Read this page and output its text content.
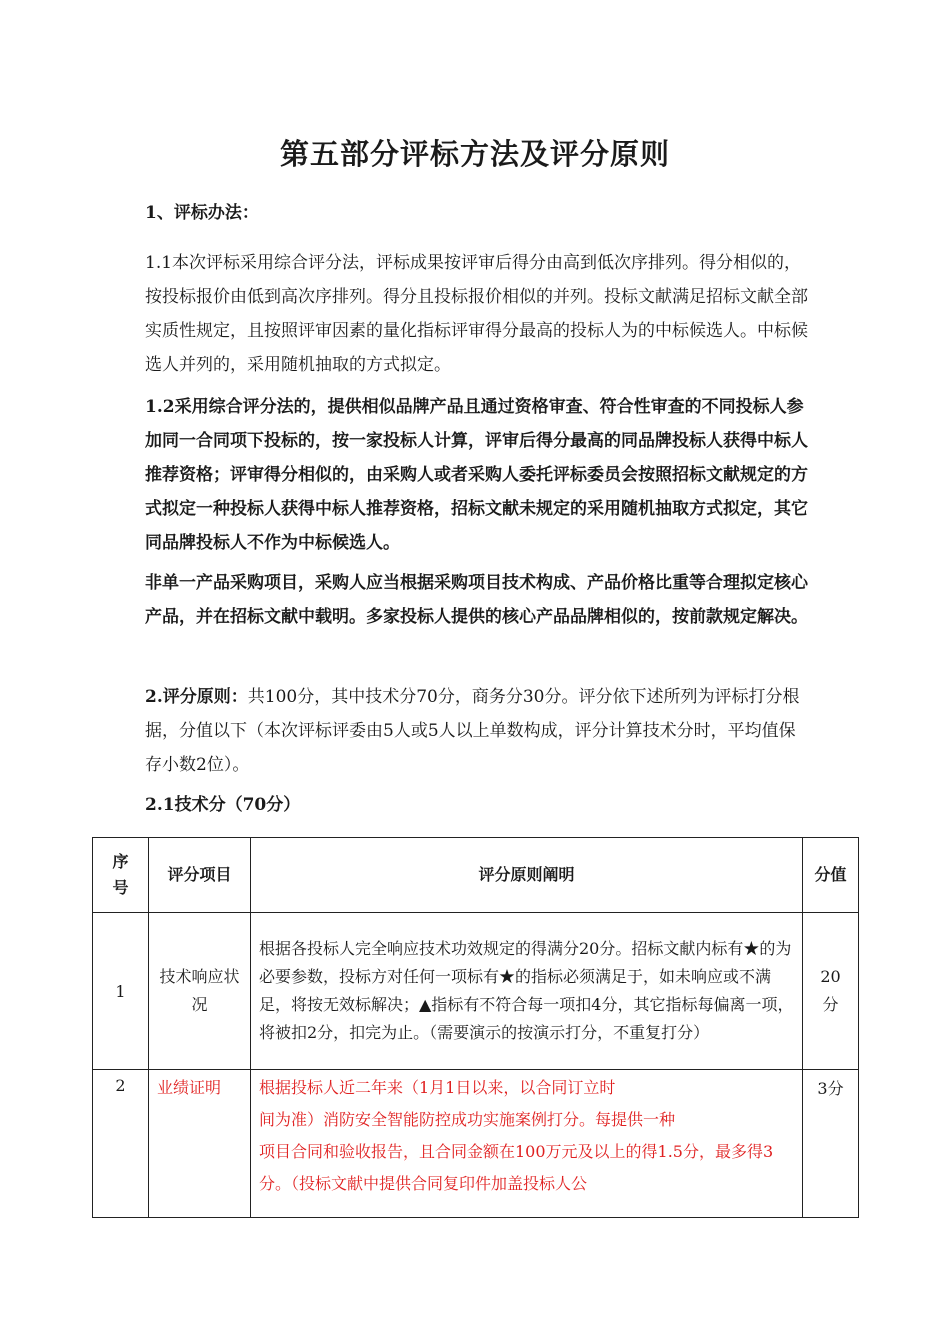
第五部分评标方法及评分原则
1、评标办法：

1.1本次评标采用综合评分法，评标成果按评审后得分由高到低次序排列。得分相似的，按投标报价由低到高次序排列。得分且投标报价相似的并列。投标文献满足招标文献全部实质性规定，且按照评审因素的量化指标评审得分最高的投标人为的中标候选人。中标候选人并列的，采用随机抽取的方式拟定。

1.2采用综合评分法的，提供相似品牌产品且通过资格审查、符合性审查的不同投标人参加同一合同项下投标的，按一家投标人计算，评审后得分最高的同品牌投标人获得中标人推荐资格；评审得分相似的，由采购人或者采购人委托评标委员会按照招标文献规定的方式拟定一种投标人获得中标人推荐资格，招标文献未规定的采用随机抽取方式拟定，其它同品牌投标人不作为中标候选人。

非单一产品采购项目，采购人应当根据采购项目技术构成、产品价格比重等合理拟定核心产品，并在招标文献中载明。多家投标人提供的核心产品品牌相似的，按前款规定解决。

2.评分原则：共100分，其中技术分70分，商务分30分。评分依下述所列为评标打分根据，分值以下（本次评标评委由5人或5人以上单数构成，评分计算技术分时，平均值保存小数2位）。

2.1技术分（70分）
序号	评分项目	评分原则阐明	分值
1	技术响应状况	根据各投标人完全响应技术功效规定的得满分20分。招标文献内标有★的为必要参数，投标方对任何一项标有★的指标必须满足于，如未响应或不满足，将按无效标解决；▲指标有不符合每一项扣4分，其它指标每偏离一项，将被扣2分，扣完为止。（需要演示的按演示打分，不重复打分）	20分

2	业绩证明	根据投标人近二年来（1月1日以来，以合同订立时
间为准）消防安全智能防控成功实施案例打分。每提供一种
项目合同和验收报告，且合同金额在100万元及以上的得1.5分，最多得3分。（投标文献中提供合同复印件加盖投标人公	3分
